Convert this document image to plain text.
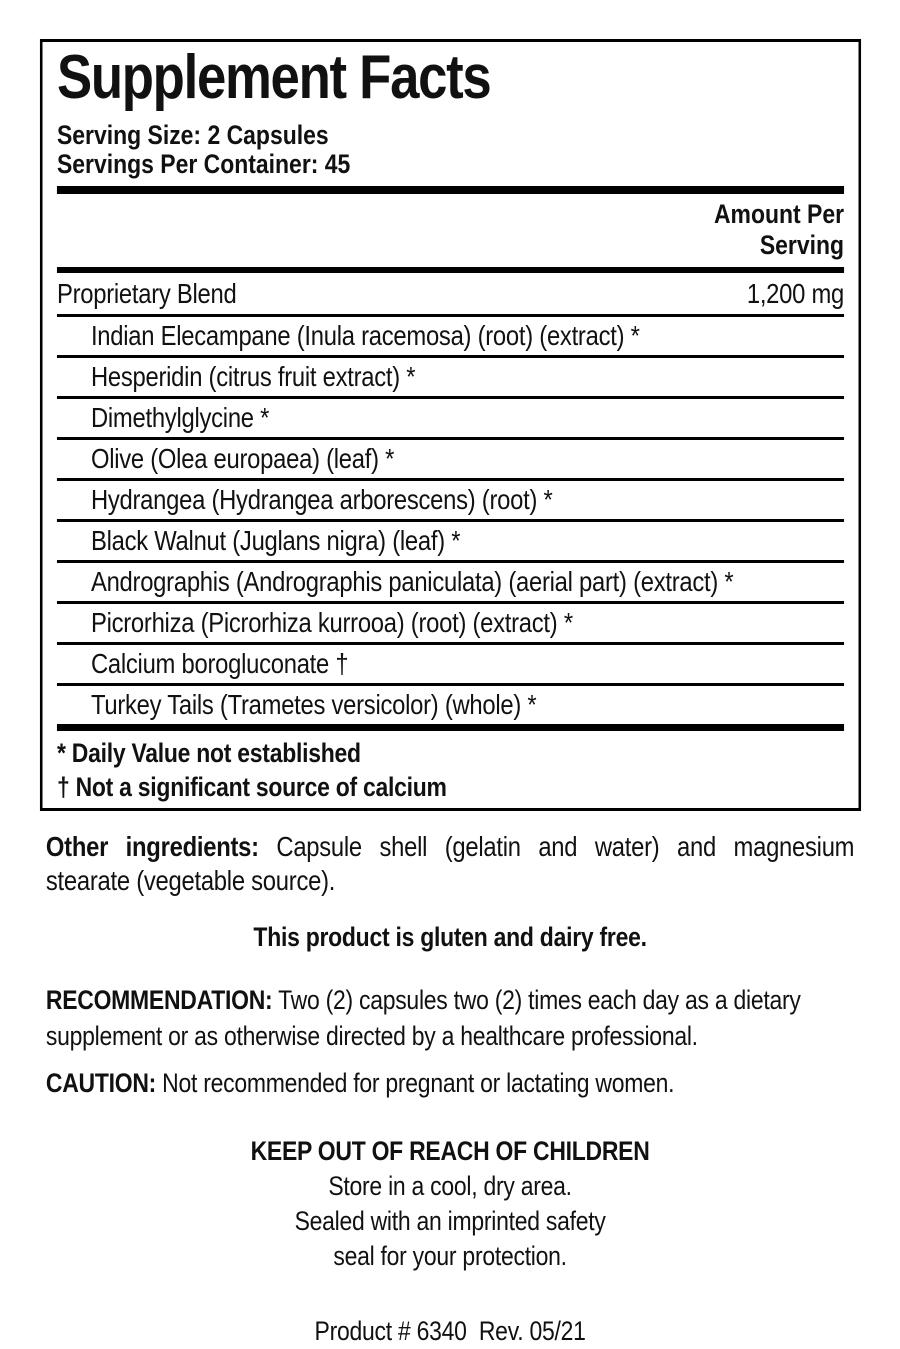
Supplement Facts
Serving Size: 2 Capsules
Servings Per Container: 45
Amount Per
Serving
Proprietary Blend	1,200 mg
Indian Elecampane (Inula racemosa) (root) (extract) *
Hesperidin (citrus fruit extract) *
Dimethylglycine *
Olive (Olea europaea) (leaf) *
Hydrangea (Hydrangea arborescens) (root) *
Black Walnut (Juglans nigra) (leaf) *
Andrographis (Andrographis paniculata) (aerial part) (extract) *
Picrorhiza (Picrorhiza kurrooa) (root) (extract) *
Calcium borogluconate †
Turkey Tails (Trametes versicolor) (whole) *
* Daily Value not established
† Not a significant source of calcium

Other ingredients: Capsule shell (gelatin and water) and magnesium stearate (vegetable source).

This product is gluten and dairy free.

RECOMMENDATION: Two (2) capsules two (2) times each day as a dietary supplement or as otherwise directed by a healthcare professional.

CAUTION: Not recommended for pregnant or lactating women.

KEEP OUT OF REACH OF CHILDREN
Store in a cool, dry area.
Sealed with an imprinted safety
seal for your protection.
Product # 6340  Rev. 05/21
